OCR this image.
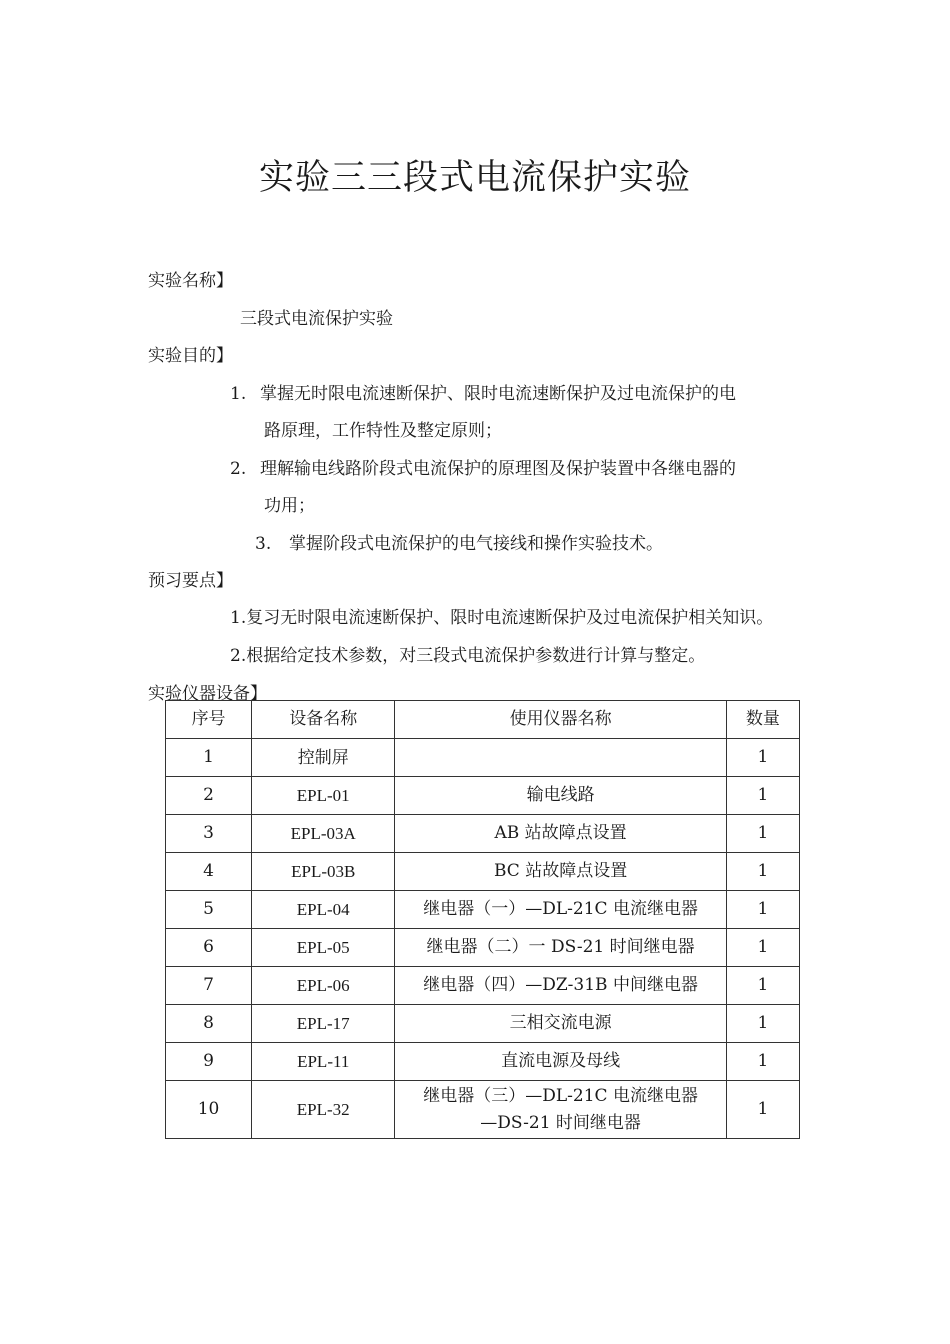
实验三三段式电流保护实验
实验名称】
三段式电流保护实验
实验目的】
1. 掌握无时限电流速断保护、限时电流速断保护及过电流保护的电
路原理，工作特性及整定原则；
2. 理解输电线路阶段式电流保护的原理图及保护装置中各继电器的
功用；
3. 掌握阶段式电流保护的电气接线和操作实验技术。
预习要点】
1.复习无时限电流速断保护、限时电流速断保护及过电流保护相关知识。
2.根据给定技术参数，对三段式电流保护参数进行计算与整定。
实验仪器设备】
序号	设备名称	使用仪器名称	数量
1	控制屏		1
2	EPL-01	输电线路	1
3	EPL-03A	AB 站故障点设置	1
4	EPL-03B	BC 站故障点设置	1
5	EPL-04	继电器（一）—DL-21C 电流继电器	1
6	EPL-05	继电器（二）一 DS-21 时间继电器	1
7	EPL-06	继电器（四）—DZ-31B 中间继电器	1
8	EPL-17	三相交流电源	1
9	EPL-11	直流电源及母线	1
10	EPL-32	继电器（三）—DL-21C 电流继电器
—DS-21 时间继电器	1
